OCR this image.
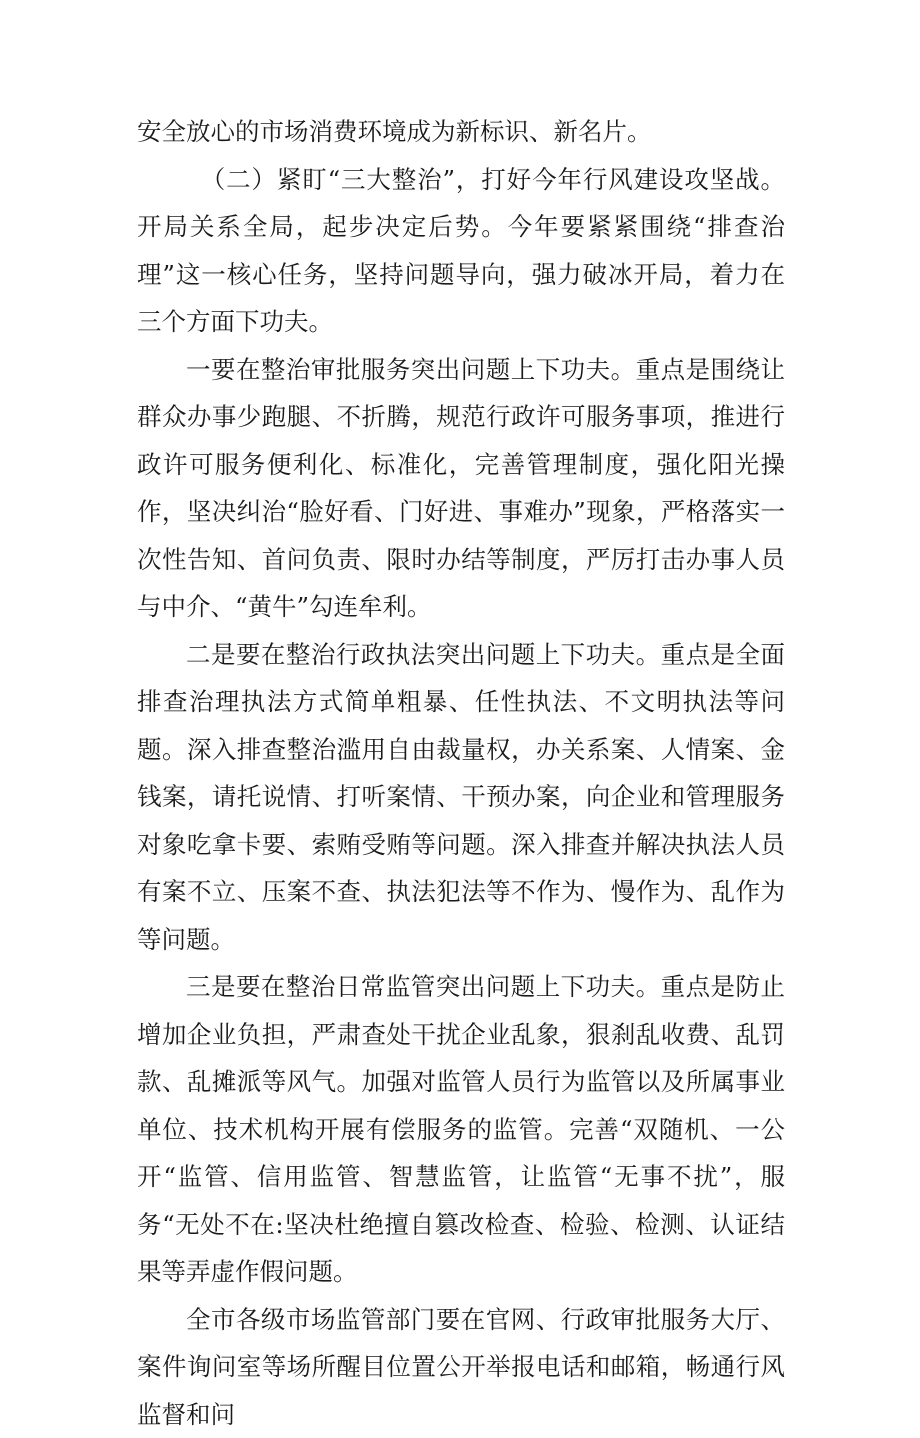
安全放心的市场消费环境成为新标识、新名片。

（二）紧盯“三大整治”，打好今年行风建设攻坚战。开局关系全局，起步决定后势。今年要紧紧围绕“排查治理”这一核心任务，坚持问题导向，强力破冰开局，着力在三个方面下功夫。

一要在整治审批服务突出问题上下功夫。重点是围绕让群众办事少跑腿、不折腾，规范行政许可服务事项，推进行政许可服务便利化、标准化，完善管理制度，强化阳光操作，坚决纠治“脸好看、门好进、事难办”现象，严格落实一次性告知、首问负责、限时办结等制度，严厉打击办事人员与中介、“黄牛”勾连牟利。

二是要在整治行政执法突出问题上下功夫。重点是全面排查治理执法方式简单粗暴、任性执法、不文明执法等问题。深入排查整治滥用自由裁量权，办关系案、人情案、金钱案，请托说情、打听案情、干预办案，向企业和管理服务对象吃拿卡要、索贿受贿等问题。深入排查并解决执法人员有案不立、压案不查、执法犯法等不作为、慢作为、乱作为等问题。

三是要在整治日常监管突出问题上下功夫。重点是防止增加企业负担，严肃查处干扰企业乱象，狠刹乱收费、乱罚款、乱摊派等风气。加强对监管人员行为监管以及所属事业单位、技术机构开展有偿服务的监管。完善“双随机、一公开“监管、信用监管、智慧监管，让监管“无事不扰”，服务“无处不在:坚决杜绝擅自篡改检查、检验、检测、认证结果等弄虚作假问题。

全市各级市场监管部门要在官网、行政审批服务大厅、案件询问室等场所醒目位置公开举报电话和邮箱，畅通行风监督和问
